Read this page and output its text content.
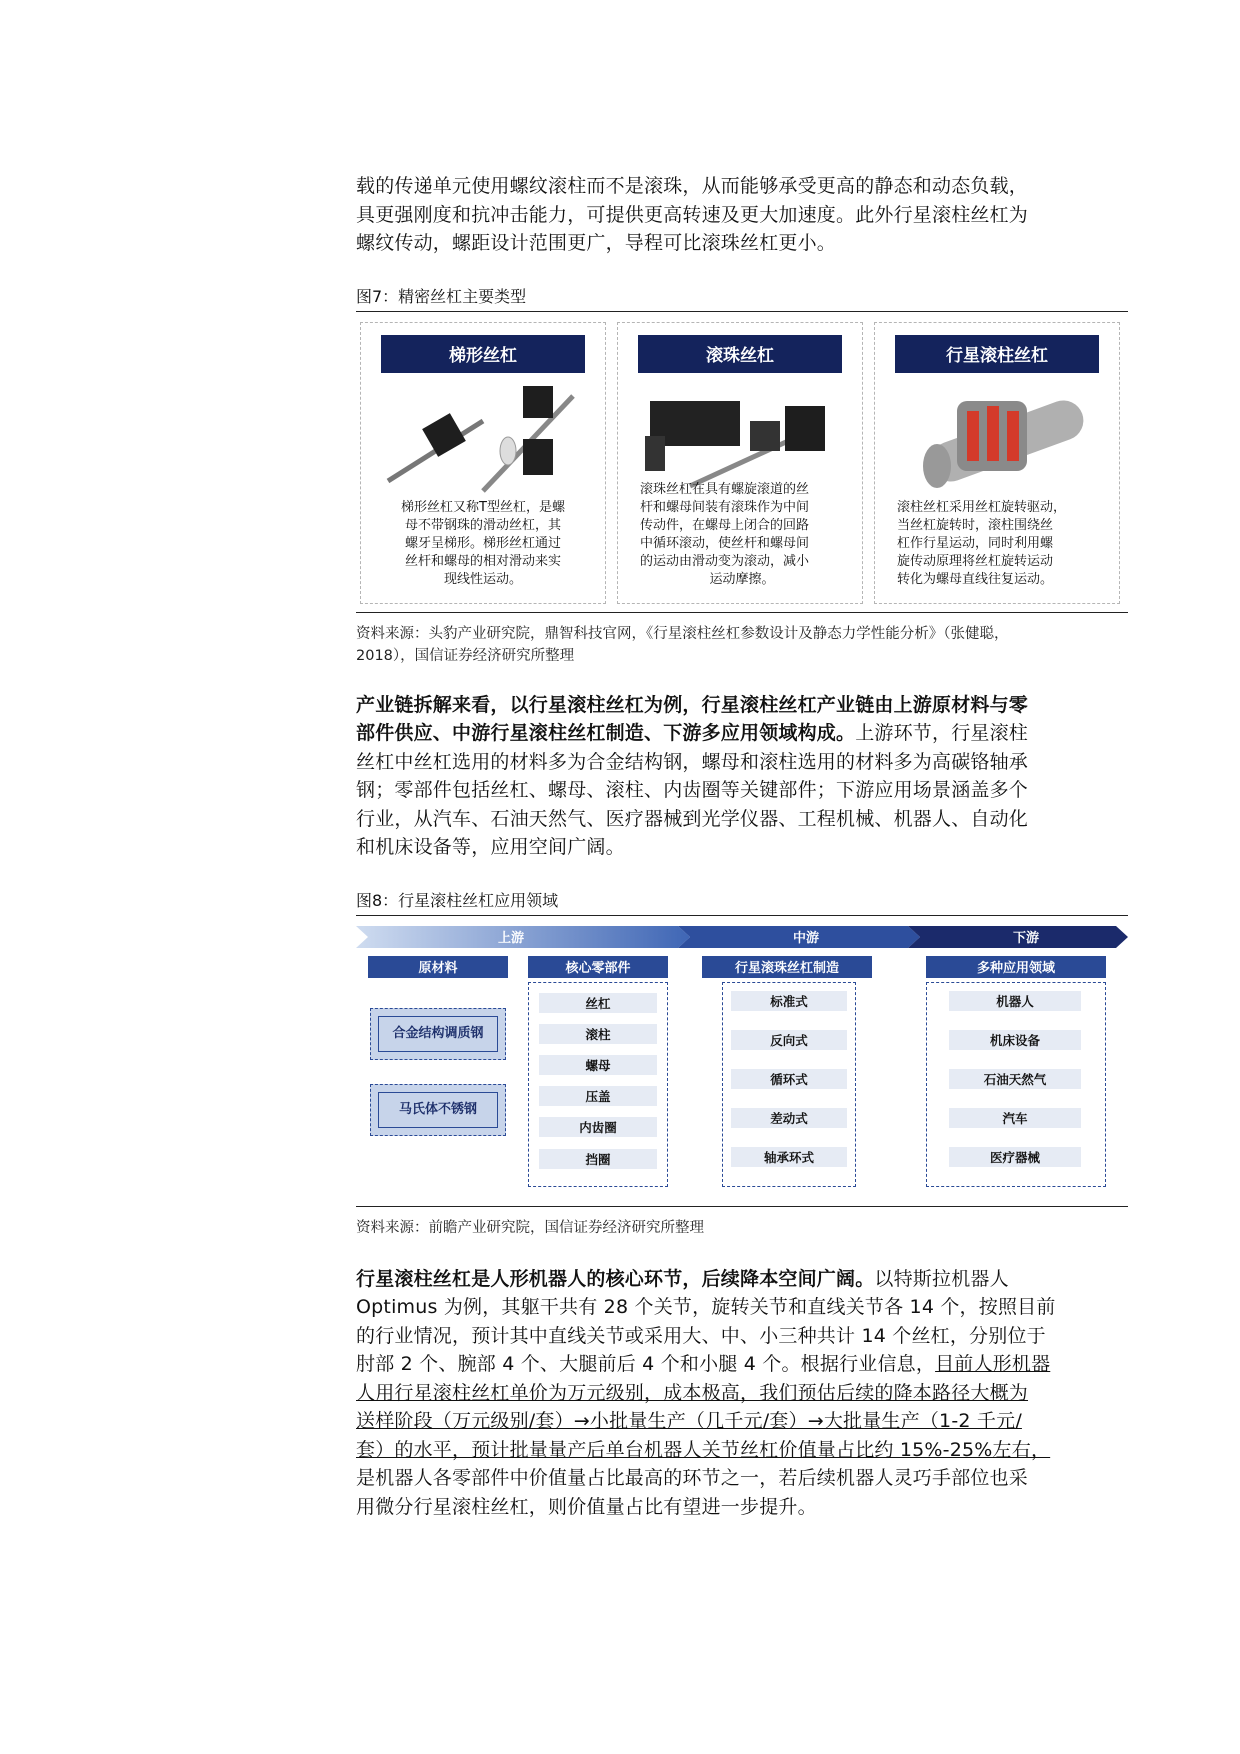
载的传递单元使用螺纹滚柱而不是滚珠，从而能够承受更高的静态和动态负载，
具更强刚度和抗冲击能力，可提供更高转速及更大加速度。此外行星滚柱丝杠为
螺纹传动，螺距设计范围更广，导程可比滚珠丝杠更小。
图7：精密丝杠主要类型
梯形丝杠
梯形丝杠又称T型丝杠，是螺
母不带钢珠的滑动丝杠，其
螺牙呈梯形。梯形丝杠通过
丝杆和螺母的相对滑动来实
现线性运动。
滚珠丝杠
滚珠丝杠在具有螺旋滚道的丝
杆和螺母间装有滚珠作为中间
传动件，在螺母上闭合的回路
中循环滚动，使丝杆和螺母间
的运动由滑动变为滚动，减小
运动摩擦。
行星滚柱丝杠
滚柱丝杠采用丝杠旋转驱动，
当丝杠旋转时，滚柱围绕丝
杠作行星运动，同时利用螺
旋传动原理将丝杠旋转运动
转化为螺母直线往复运动。
资料来源：头豹产业研究院，鼎智科技官网，《行星滚柱丝杠参数设计及静态力学性能分析》（张健聪，
2018），国信证券经济研究所整理
产业链拆解来看，以行星滚柱丝杠为例，行星滚柱丝杠产业链由上游原材料与零
部件供应、中游行星滚柱丝杠制造、下游多应用领域构成。上游环节，行星滚柱
丝杠中丝杠选用的材料多为合金结构钢，螺母和滚柱选用的材料多为高碳铬轴承
钢；零部件包括丝杠、螺母、滚柱、内齿圈等关键部件；下游应用场景涵盖多个
行业，从汽车、石油天然气、医疗器械到光学仪器、工程机械、机器人、自动化
和机床设备等，应用空间广阔。
图8：行星滚柱丝杠应用领域
上游	中游	下游
原材料
合金结构调质钢
马氏体不锈钢
核心零部件
丝杠
滚柱
螺母
压盖
内齿圈
挡圈
行星滚珠丝杠制造
标准式
反向式
循环式
差动式
轴承环式
多种应用领域
机器人
机床设备
石油天然气
汽车
医疗器械
资料来源：前瞻产业研究院，国信证券经济研究所整理
行星滚柱丝杠是人形机器人的核心环节，后续降本空间广阔。以特斯拉机器人
Optimus 为例，其躯干共有 28 个关节，旋转关节和直线关节各 14 个，按照目前
的行业情况，预计其中直线关节或采用大、中、小三种共计 14 个丝杠，分别位于
肘部 2 个、腕部 4 个、大腿前后 4 个和小腿 4 个。根据行业信息，目前人形机器
人用行星滚柱丝杠单价为万元级别，成本极高，我们预估后续的降本路径大概为
送样阶段（万元级别/套）→小批量生产（几千元/套）→大批量生产（1-2 千元/
套）的水平，预计批量量产后单台机器人关节丝杠价值量占比约 15%-25%左右，
是机器人各零部件中价值量占比最高的环节之一，若后续机器人灵巧手部位也采
用微分行星滚柱丝杠，则价值量占比有望进一步提升。
